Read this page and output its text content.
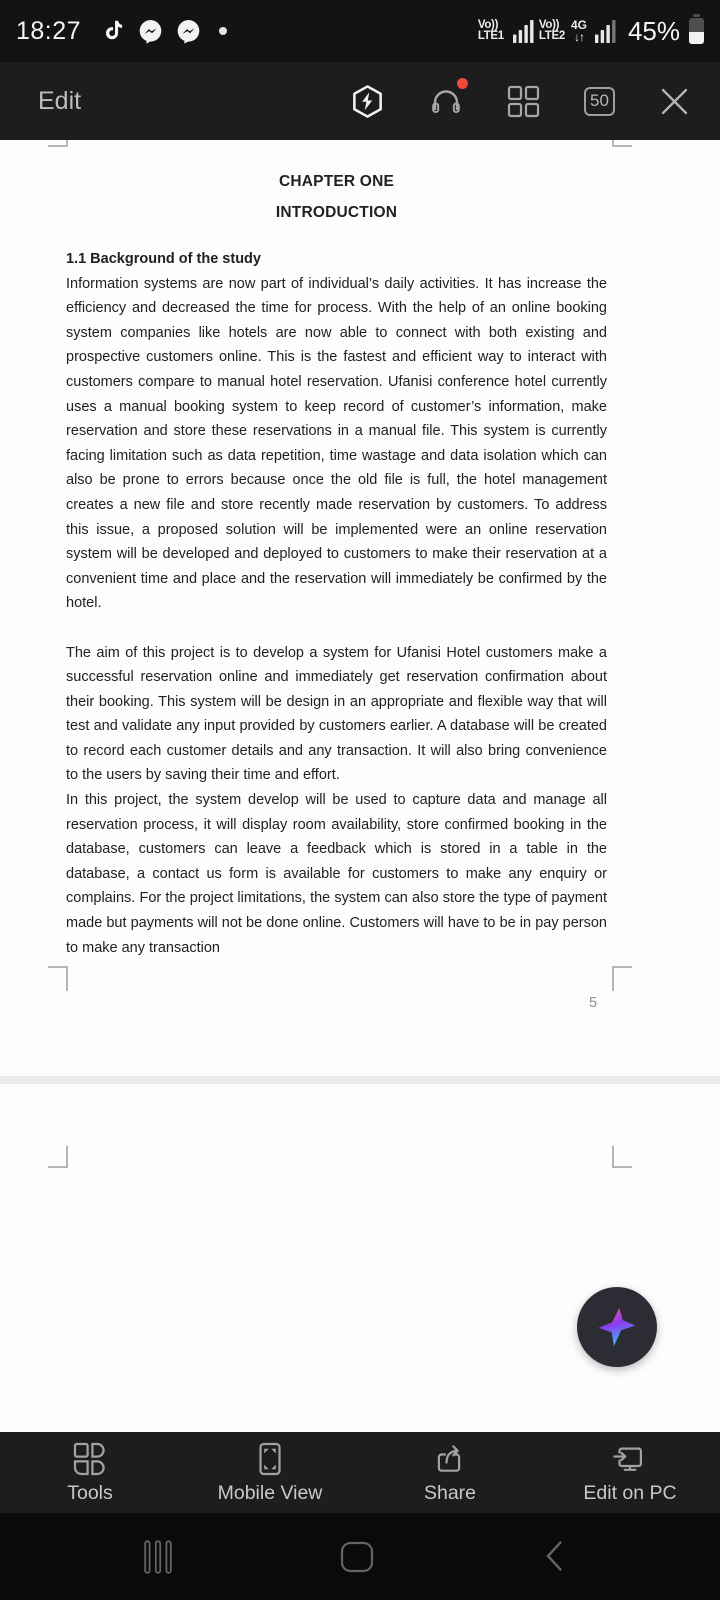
18:27	Vo))
LTE1
Vo))
LTE2
4G
↓↑ 45%
Edit	50
CHAPTER ONE
INTRODUCTION
1.1 Background of the study

Information systems are now part of individual’s daily activities. It has increase the efficiency and decreased the time for process. With the help of an online booking system companies like hotels are now able to connect with both existing and prospective customers online. This is the fastest and efficient way to interact with customers compare to manual hotel reservation. Ufanisi conference hotel currently uses a manual booking system to keep record of customer’s information, make reservation and store these reservations in a manual file. This system is currently facing limitation such as data repetition, time wastage and data isolation which can also be prone to errors because once the old file is full, the hotel management creates a new file and store recently made reservation by customers. To address this issue, a proposed solution will be implemented were an online reservation system will be developed and deployed to customers to make their reservation at a convenient time and place and the reservation will immediately be confirmed by the hotel.

The aim of this project is to develop a system for Ufanisi Hotel customers make a successful reservation online and immediately get reservation confirmation about their booking. This system will be design in an appropriate and flexible way that will test and validate any input provided by customers earlier. A database will be created to record each customer details and any transaction. It will also bring convenience to the users by saving their time and effort.

In this project, the system develop will be used to capture data and manage all reservation process, it will display room availability, store confirmed booking in the database, customers can leave a feedback which is stored in a table in the database, a contact us form is available for customers to make any enquiry or complains. For the project limitations, the system can also store the type of payment made but payments will not be done online. Customers will have to be in pay person to make any transaction

5
Tools	Mobile View	Share	Edit on PC
